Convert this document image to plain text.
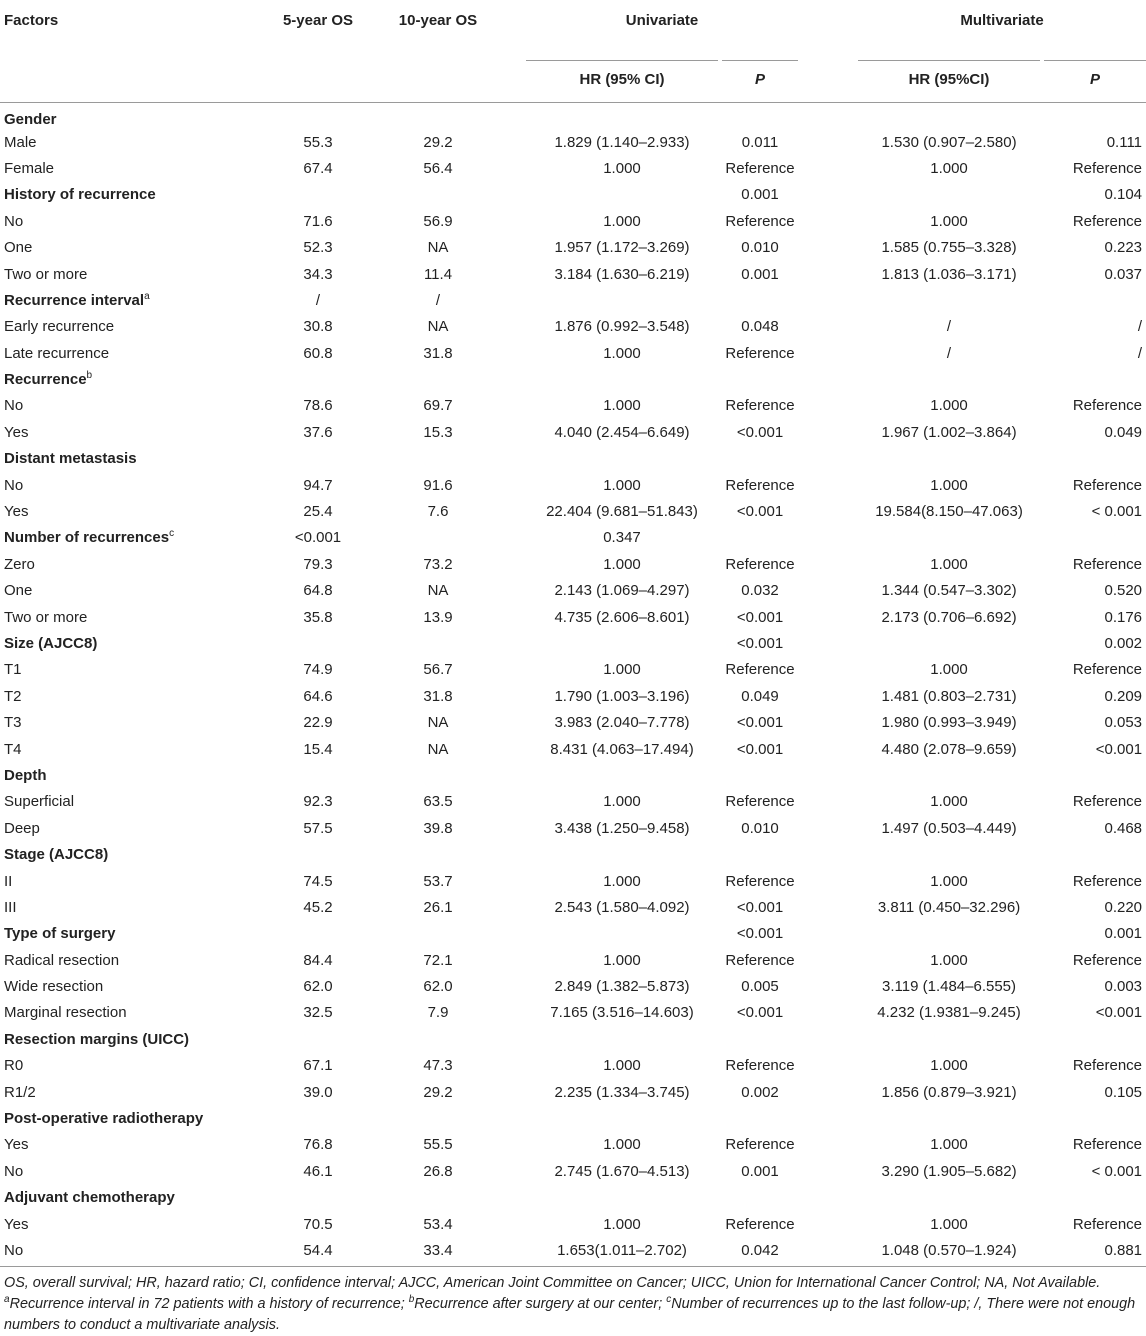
Factors	5-year OS	10-year OS	Univariate		Multivariate	

			HR (95% CI)	P	HR (95%CI)	P

Gender						
Male	55.3	29.2	1.829 (1.140–2.933)	0.011	1.530 (0.907–2.580)	0.111
Female	67.4	56.4	1.000	Reference	1.000	Reference
History of recurrence				0.001		0.104
No	71.6	56.9	1.000	Reference	1.000	Reference
One	52.3	NA	1.957 (1.172–3.269)	0.010	1.585 (0.755–3.328)	0.223
Two or more	34.3	11.4	3.184 (1.630–6.219)	0.001	1.813 (1.036–3.171)	0.037
Recurrence interval$^a$	/	/				
Early recurrence	30.8	NA	1.876 (0.992–3.548)	0.048	/	/
Late recurrence	60.8	31.8	1.000	Reference	/	/
Recurrence$^b$						
No	78.6	69.7	1.000	Reference	1.000	Reference
Yes	37.6	15.3	4.040 (2.454–6.649)	<0.001	1.967 (1.002–3.864)	0.049
Distant metastasis						
No	94.7	91.6	1.000	Reference	1.000	Reference
Yes	25.4	7.6	22.404 (9.681–51.843)	<0.001	19.584(8.150–47.063)	< 0.001
Number of recurrences$^c$	<0.001		0.347			
Zero	79.3	73.2	1.000	Reference	1.000	Reference
One	64.8	NA	2.143 (1.069–4.297)	0.032	1.344 (0.547–3.302)	0.520
Two or more	35.8	13.9	4.735 (2.606–8.601)	<0.001	2.173 (0.706–6.692)	0.176
Size (AJCC8)				<0.001		0.002
T1	74.9	56.7	1.000	Reference	1.000	Reference
T2	64.6	31.8	1.790 (1.003–3.196)	0.049	1.481 (0.803–2.731)	0.209
T3	22.9	NA	3.983 (2.040–7.778)	<0.001	1.980 (0.993–3.949)	0.053
T4	15.4	NA	8.431 (4.063–17.494)	<0.001	4.480 (2.078–9.659)	<0.001
Depth						
Superficial	92.3	63.5	1.000	Reference	1.000	Reference
Deep	57.5	39.8	3.438 (1.250–9.458)	0.010	1.497 (0.503–4.449)	0.468
Stage (AJCC8)						
II	74.5	53.7	1.000	Reference	1.000	Reference
III	45.2	26.1	2.543 (1.580–4.092)	<0.001	3.811 (0.450–32.296)	0.220
Type of surgery				<0.001		0.001
Radical resection	84.4	72.1	1.000	Reference	1.000	Reference
Wide resection	62.0	62.0	2.849 (1.382–5.873)	0.005	3.119 (1.484–6.555)	0.003
Marginal resection	32.5	7.9	7.165 (3.516–14.603)	<0.001	4.232 (1.9381–9.245)	<0.001
Resection margins (UICC)						
R0	67.1	47.3	1.000	Reference	1.000	Reference
R1/2	39.0	29.2	2.235 (1.334–3.745)	0.002	1.856 (0.879–3.921)	0.105
Post-operative radiotherapy						
Yes	76.8	55.5	1.000	Reference	1.000	Reference
No	46.1	26.8	2.745 (1.670–4.513)	0.001	3.290 (1.905–5.682)	< 0.001
Adjuvant chemotherapy						
Yes	70.5	53.4	1.000	Reference	1.000	Reference
No	54.4	33.4	1.653(1.011–2.702)	0.042	1.048 (0.570–1.924)	0.881
OS, overall survival; HR, hazard ratio; CI, confidence interval; AJCC, American Joint Committee on Cancer; UICC, Union for International Cancer Control; NA, Not Available.
$^a$Recurrence interval in 72 patients with a history of recurrence; $^b$Recurrence after surgery at our center; $^c$Number of recurrences up to the last follow-up; /, There were not enough numbers to conduct a multivariate analysis.
